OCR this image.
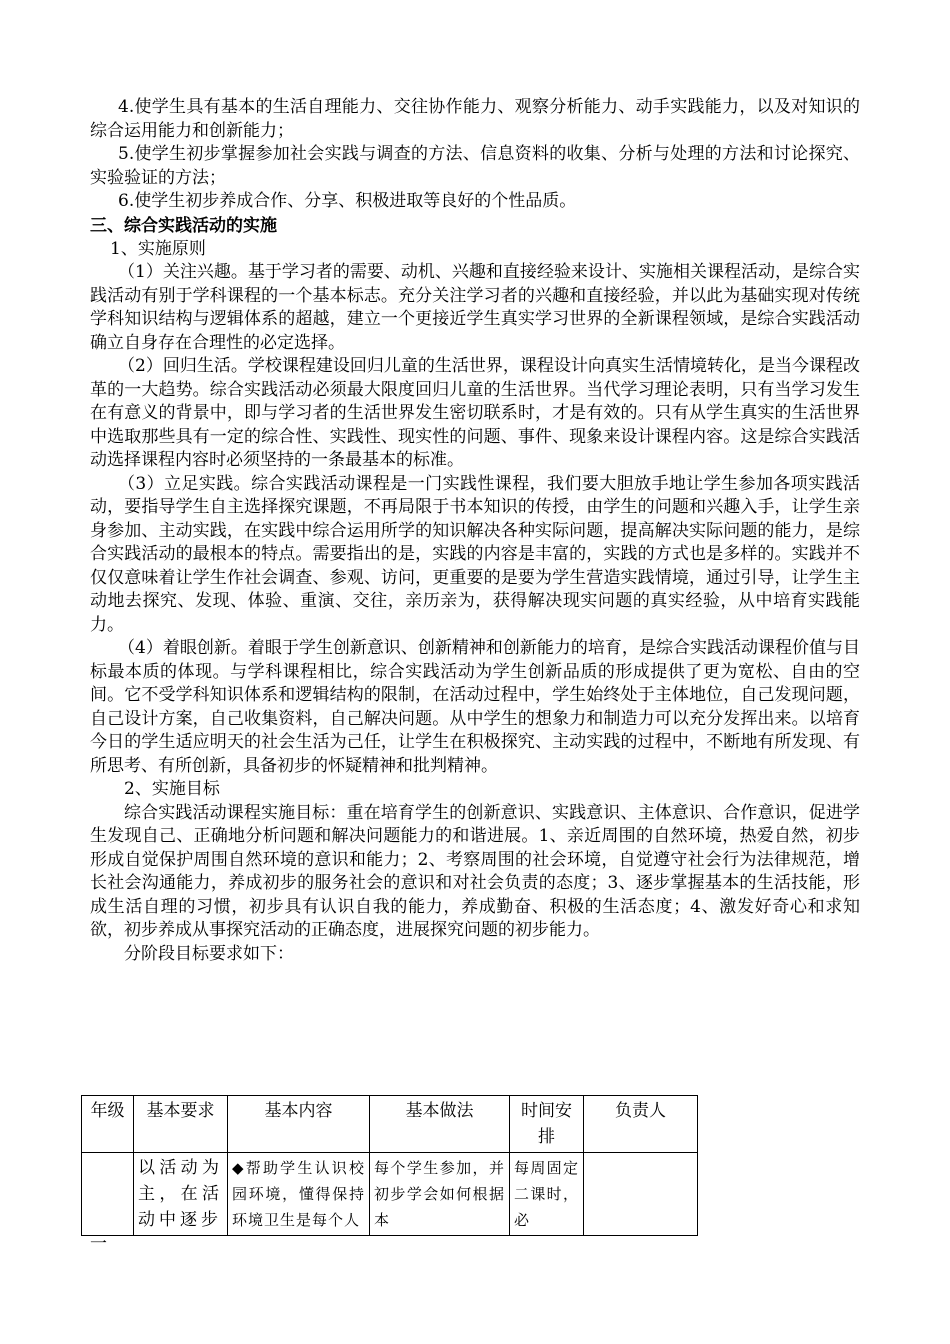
4.使学生具有基本的生活自理能力、交往协作能力、观察分析能力、动手实践能力，以及对知识的综合运用能力和创新能力；

5.使学生初步掌握参加社会实践与调查的方法、信息资料的收集、分析与处理的方法和讨论探究、实验验证的方法；

6.使学生初步养成合作、分享、积极进取等良好的个性品质。

三、综合实践活动的实施

1、实施原则

（1）关注兴趣。基于学习者的需要、动机、兴趣和直接经验来设计、实施相关课程活动，是综合实践活动有别于学科课程的一个基本标志。充分关注学习者的兴趣和直接经验，并以此为基础实现对传统学科知识结构与逻辑体系的超越，建立一个更接近学生真实学习世界的全新课程领域，是综合实践活动确立自身存在合理性的必定选择。

（2）回归生活。学校课程建设回归儿童的生活世界，课程设计向真实生活情境转化，是当今课程改革的一大趋势。综合实践活动必须最大限度回归儿童的生活世界。当代学习理论表明，只有当学习发生在有意义的背景中，即与学习者的生活世界发生密切联系时，才是有效的。只有从学生真实的生活世界中选取那些具有一定的综合性、实践性、现实性的问题、事件、现象来设计课程内容。这是综合实践活动选择课程内容时必须坚持的一条最基本的标准。

（3）立足实践。综合实践活动课程是一门实践性课程，我们要大胆放手地让学生参加各项实践活动，要指导学生自主选择探究课题，不再局限于书本知识的传授，由学生的问题和兴趣入手，让学生亲身参加、主动实践，在实践中综合运用所学的知识解决各种实际问题，提高解决实际问题的能力，是综合实践活动的最根本的特点。需要指出的是，实践的内容是丰富的，实践的方式也是多样的。实践并不仅仅意味着让学生作社会调查、参观、访问，更重要的是要为学生营造实践情境，通过引导，让学生主动地去探究、发现、体验、重演、交往，亲历亲为，获得解决现实问题的真实经验，从中培育实践能力。

（4）着眼创新。着眼于学生创新意识、创新精神和创新能力的培育，是综合实践活动课程价值与目标最本质的体现。与学科课程相比，综合实践活动为学生创新品质的形成提供了更为宽松、自由的空间。它不受学科知识体系和逻辑结构的限制，在活动过程中，学生始终处于主体地位，自己发现问题，自己设计方案，自己收集资料，自己解决问题。从中学生的想象力和制造力可以充分发挥出来。以培育今日的学生适应明天的社会生活为己任，让学生在积极探究、主动实践的过程中，不断地有所发现、有所思考、有所创新，具备初步的怀疑精神和批判精神。

2、实施目标

综合实践活动课程实施目标：重在培育学生的创新意识、实践意识、主体意识、合作意识，促进学生发现自己、正确地分析问题和解决问题能力的和谐进展。1、亲近周围的自然环境，热爱自然，初步形成自觉保护周围自然环境的意识和能力；2、考察周围的社会环境，自觉遵守社会行为法律规范，增长社会沟通能力，养成初步的服务社会的意识和对社会负责的态度；3、逐步掌握基本的生活技能，形成生活自理的习惯，初步具有认识自我的能力，养成勤奋、积极的生活态度；4、激发好奇心和求知欲，初步养成从事探究活动的正确态度，进展探究问题的初步能力。

分阶段目标要求如下：

年级	基本要求	基本内容	基本做法	时间安排	负责人

一	以活动为主，在活动中逐步	◆帮助学生认识校园环境，懂得保持环境卫生是每个人	每个学生参加，并初步学会如何根据本	每周固定二课时，必	
